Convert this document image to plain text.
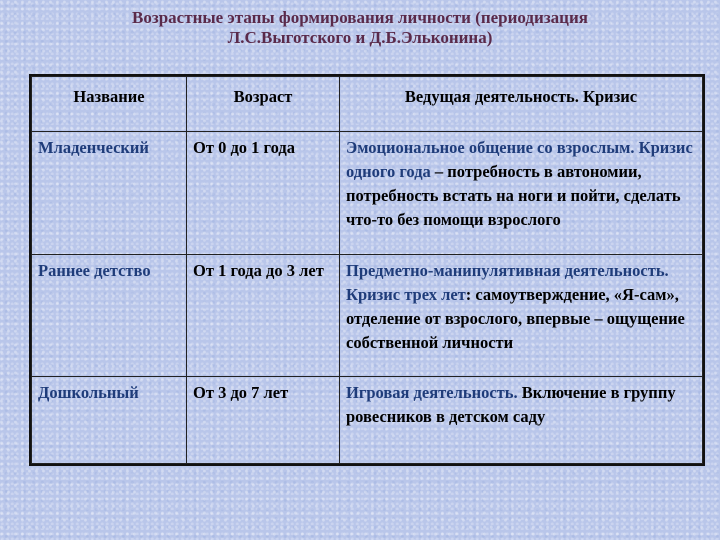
Возрастные этапы формирования личности (периодизация
Л.С.Выготского и Д.Б.Эльконина)
Название	Возраст	Ведущая деятельность. Кризис
Младенческий	От 0 до 1 года	Эмоциональное общение со взрослым. Кризис одного года – потребность в автономии, потребность встать на ноги и пойти, сделать что-то без помощи взрослого
Раннее детство	От 1 года до 3 лет	Предметно-манипулятивная деятельность. Кризис трех лет: самоутверждение, «Я-сам», отделение от взрослого, впервые – ощущение собственной личности
Дошкольный	От 3 до 7 лет	Игровая деятельность. Включение в группу ровесников в детском саду
